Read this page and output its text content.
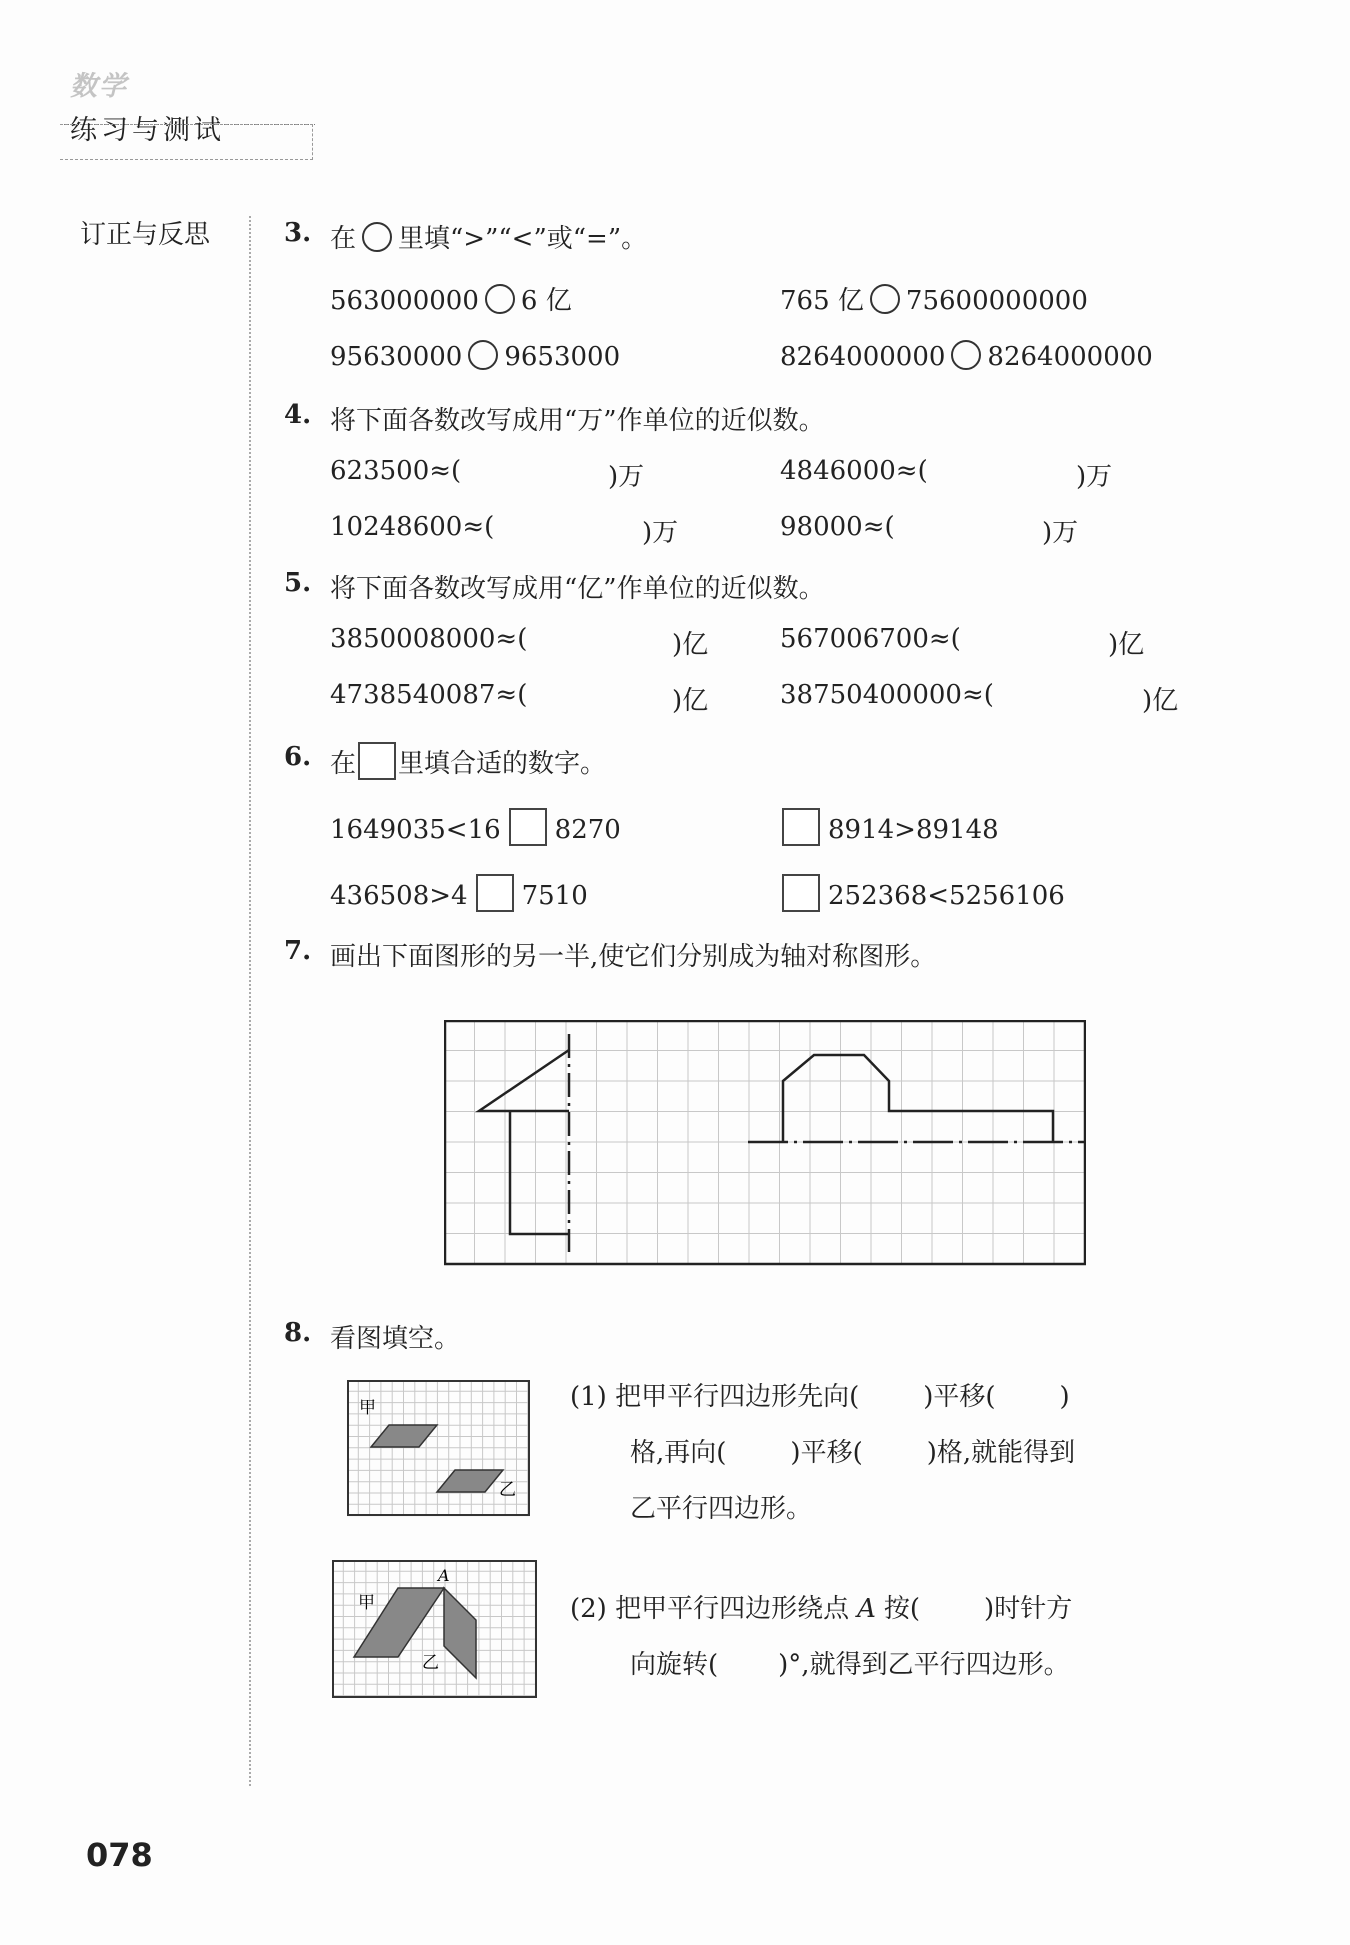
数学
练习与测试
订正与反思	3. 在 里填“>”“<”或“=”。
563000000 6 亿	765 亿 75600000000
95630000 9653000	8264000000 8264000000
4. 将下面各数改写成用“万”作单位的近似数。
623500≈(	)万	4846000≈(	)万
10248600≈(	)万	98000≈(	)万
5. 将下面各数改写成用“亿”作单位的近似数。
3850008000≈(	)亿	567006700≈(	)亿
4738540087≈(	)亿	38750400000≈(	)亿
6. 在 里填合适的数字。
1649035<16 8270	8914>89148
436508>4 7510	252368<5256106
7. 画出下面图形的另一半,使它们分别成为轴对称图形。
8. 看图填空。
甲
乙
(1) 把甲平行四边形先向( )平移( )
格,再向( )平移( )格,就能得到
乙平行四边形。
A
甲
乙
(2) 把甲平行四边形绕点 A 按( )时针方
向旋转( )°,就得到乙平行四边形。
078
